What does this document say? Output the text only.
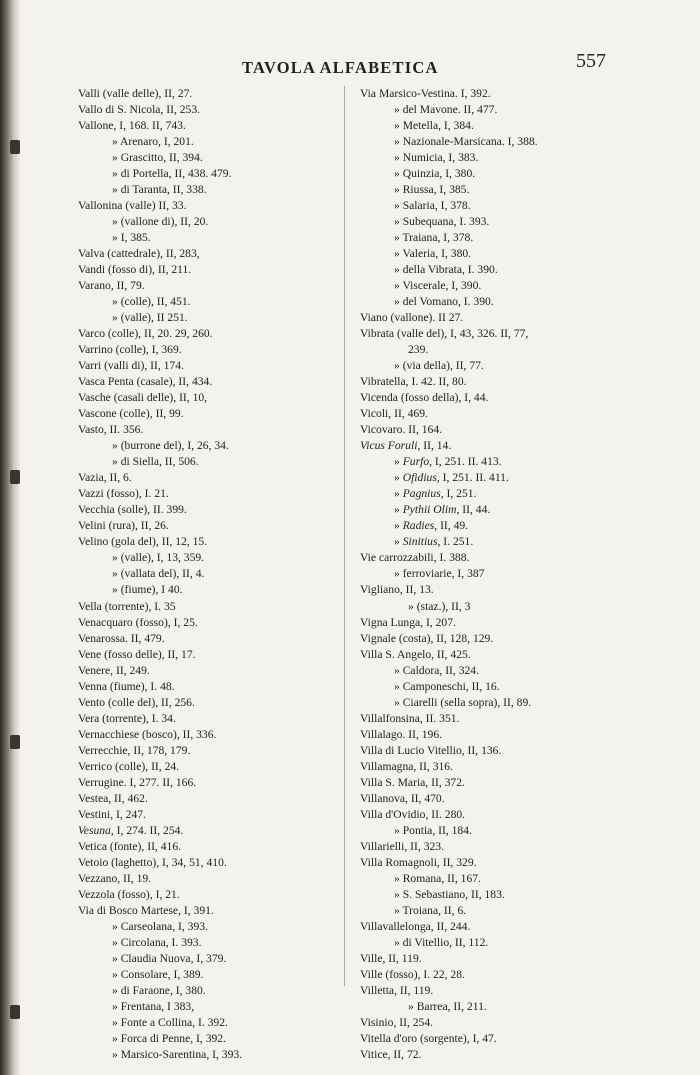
TAVOLA ALFABETICA	557
Valli (valle delle), II, 27.
Vallo di S. Nicola, II, 253.
Vallone, I, 168. II, 743.
» Arenaro, I, 201.
» Grascitto, II, 394.
» di Portella, II, 438. 479.
» di Taranta, II, 338.
Vallonina (valle) II, 33.
» (vallone di), II, 20.
» I, 385.
Valva (cattedrale), II, 283,
Vandi (fosso di), II, 211.
Varano, II, 79.
» (colle), II, 451.
» (valle), II 251.
Varco (colle), II, 20. 29, 260.
Varrino (colle), I, 369.
Varri (valli di), II, 174.
Vasca Penta (casale), II, 434.
Vasche (casali delle), II, 10,
Vascone (colle), II, 99.
Vasto, II. 356.
» (burrone del), I, 26, 34.
» di Siella, II, 506.
Vazia, II, 6.
Vazzi (fosso), I. 21.
Vecchia (solle), II. 399.
Velini (rura), II, 26.
Velino (gola del), II, 12, 15.
» (valle), I, 13, 359.
» (vallata del), II, 4.
» (fiume), I 40.
Vella (torrente), I. 35
Venacquaro (fosso), I, 25.
Venarossa. II, 479.
Vene (fosso delle), II, 17.
Venere, II, 249.
Venna (fiume), I. 48.
Vento (colle del), II, 256.
Vera (torrente), I. 34.
Vernacchiese (bosco), II, 336.
Verrecchie, II, 178, 179.
Verrico (colle), II, 24.
Verrugine. I, 277. II, 166.
Vestea, II, 462.
Vestini, I, 247.
Vesuna, I, 274. II, 254.
Vetica (fonte), II, 416.
Vetoio (laghetto), I, 34, 51, 410.
Vezzano, II, 19.
Vezzola (fosso), I, 21.
Via di Bosco Martese, I, 391.
» Carseolana, I, 393.
» Circolana, I. 393.
» Claudia Nuova, I, 379.
» Consolare, I, 389.
» di Faraone, I, 380.
» Frentana, I 383,
» Fonte a Collina, I. 392.
» Forca di Penne, I, 392.
» Marsico-Sarentina, I, 393.
Via Marsico-Vestina. I, 392.
» del Mavone. II, 477.
» Metella, I, 384.
» Nazionale-Marsicana. I, 388.
» Numicia, I, 383.
» Quinzia, I, 380.
» Riussa, I, 385.
» Salaria, I, 378.
» Subequana, I. 393.
» Traiana, I, 378.
» Valeria, I, 380.
» della Vibrata, I. 390.
» Viscerale, I, 390.
» del Vomano, I. 390.
Viano (vallone). II 27.
Vibrata (valle del), I, 43, 326. II, 77,
239.
» (via della), II, 77.
Vibratella, I. 42. II, 80.
Vicenda (fosso della), I, 44.
Vicoli, II, 469.
Vicovaro. II, 164.
Vicus Foruli, II, 14.
» Furfo, I, 251. II. 413.
» Ofidius, I, 251. II. 411.
» Pagnius, I, 251.
» Pythii Olim, II, 44.
» Radies, II, 49.
» Sinitius, I. 251.
Vie carrozzabili, I. 388.
» ferroviarie, I, 387
Vigliano, II, 13.
» (staz.), II, 3
Vigna Lunga, I, 207.
Vignale (costa), II, 128, 129.
Villa S. Angelo, II, 425.
» Caldora, II, 324.
» Camponeschi, II, 16.
» Ciarelli (sella sopra), II, 89.
Villalfonsina, II. 351.
Villalago. II, 196.
Villa di Lucio Vitellio, II, 136.
Villamagna, II, 316.
Villa S. Maria, II, 372.
Villanova, II, 470.
Villa d'Ovidio, II. 280.
» Pontia, II, 184.
Villarielli, II, 323.
Villa Romagnoli, II, 329.
» Romana, II, 167.
» S. Sebastiano, II, 183.
» Troiana, II, 6.
Villavallelonga, II, 244.
» di Vitellio, II, 112.
Ville, II, 119.
Ville (fosso), I. 22, 28.
Villetta, II, 119.
» Barrea, II, 211.
Visinio, II, 254.
Vitella d'oro (sorgente), I, 47.
Vitice, II, 72.
